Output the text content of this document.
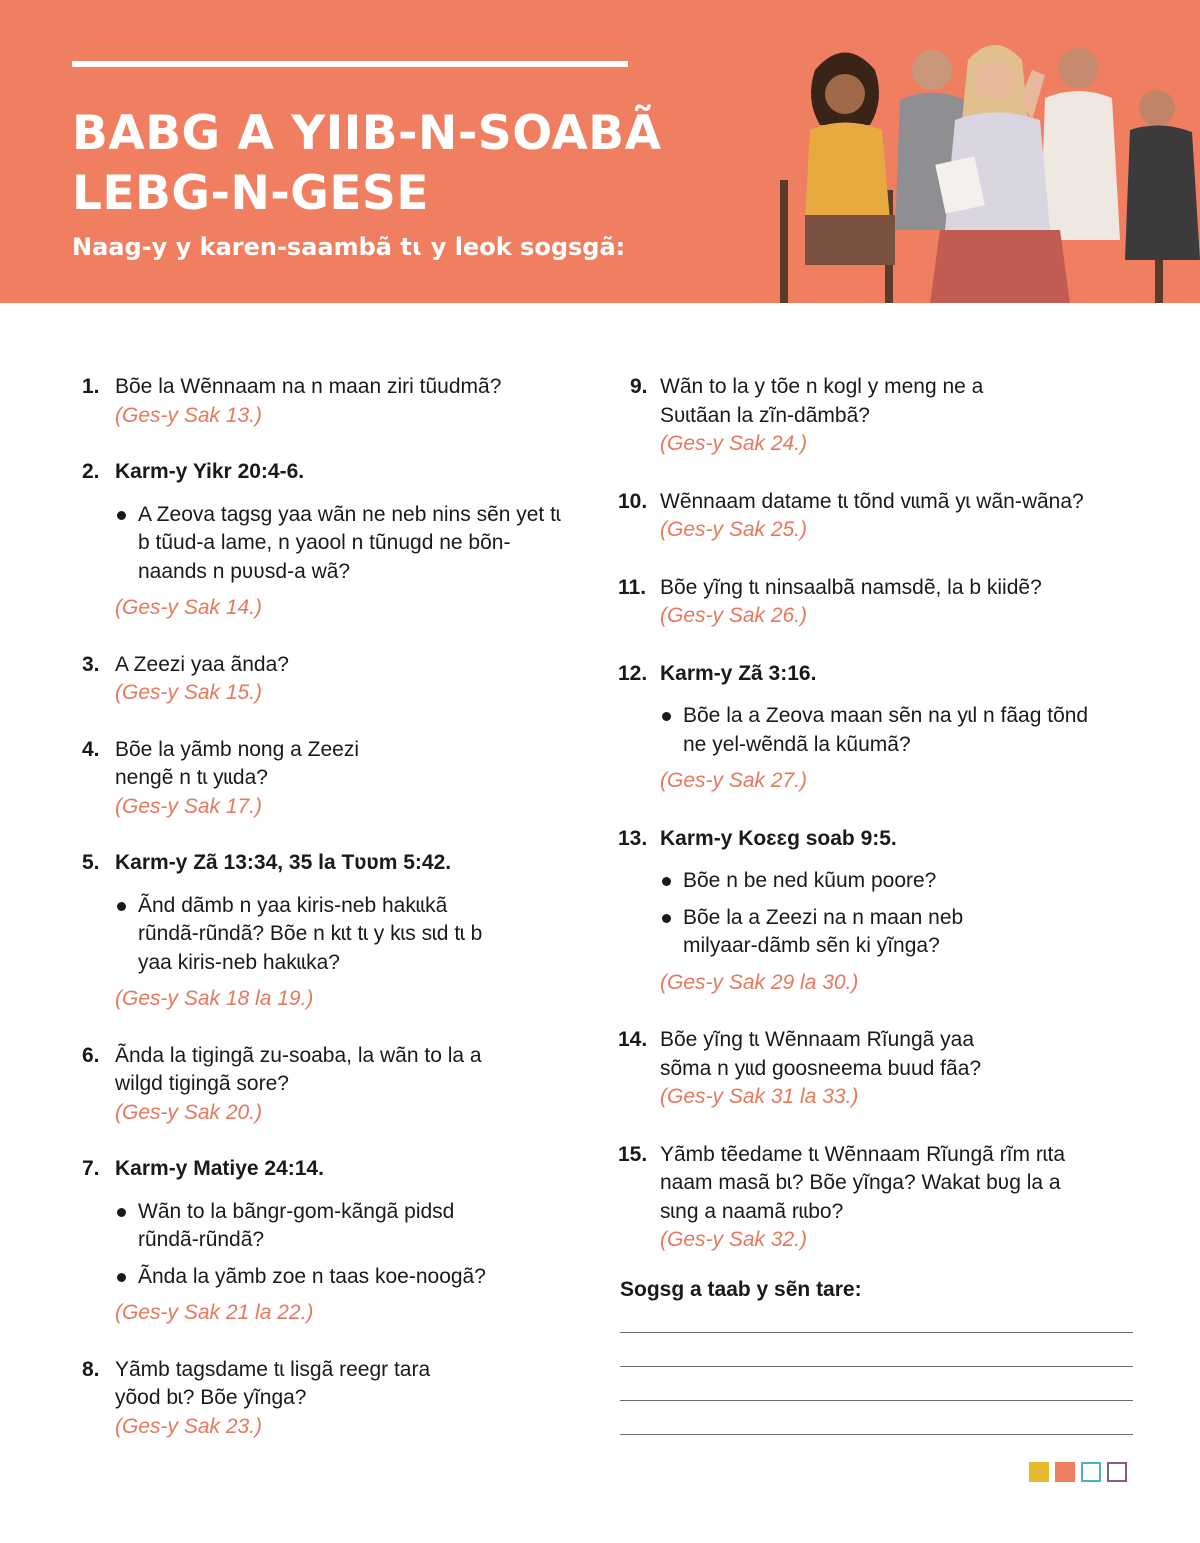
BABG A YIIB-N-SOABÃ
LEBG-N-GESE
Naag-y y karen-saambã tɩ y leok sogsgã:
1. Bõe la Wẽnnaam na n maan ziri tũudmã?
(Ges-y Sak 13.)
2. Karm-y Yikr 20:4-6.
A Zeova tagsg yaa wãn ne neb nins sẽn yet tɩ b tũud-a lame, n yaool n tũnugd ne bõn-naands n pʋʋsd-a wã?
(Ges-y Sak 14.)
3. A Zeezi yaa ãnda?
(Ges-y Sak 15.)
4. Bõe la yãmb nong a Zeezi nengẽ n tɩ yɩɩda?
(Ges-y Sak 17.)
5. Karm-y Zã 13:34, 35 la Tʋʋm 5:42.
Ãnd dãmb n yaa kiris-neb hakɩɩkã rũndã-rũndã? Bõe n kɩt tɩ y kɩs sɩd tɩ b yaa kiris-neb hakɩɩka?
(Ges-y Sak 18 la 19.)
6. Ãnda la tigingã zu-soaba, la wãn to la a wilgd tigingã sore?
(Ges-y Sak 20.)
7. Karm-y Matiye 24:14.
Wãn to la bãngr-gom-kãngã pidsd rũndã-rũndã?
Ãnda la yãmb zoe n taas koe-noogã?
(Ges-y Sak 21 la 22.)
8. Yãmb tagsdame tɩ lisgã reegr tara yõod bɩ? Bõe yĩnga?
(Ges-y Sak 23.)
9. Wãn to la y tõe n kogl y meng ne a Sʋɩtãan la zĩn-dãmbã?
(Ges-y Sak 24.)
10. Wẽnnaam datame tɩ tõnd vɩɩmã yɩ wãn-wãna?
(Ges-y Sak 25.)
11. Bõe yĩng tɩ ninsaalbã namsdẽ, la b kiidẽ?
(Ges-y Sak 26.)
12. Karm-y Zã 3:16.
Bõe la a Zeova maan sẽn na yɩl n fãag tõnd ne yel-wẽndã la kũumã?
(Ges-y Sak 27.)
13. Karm-y Koɛɛg soab 9:5.
Bõe n be ned kũum poore?
Bõe la a Zeezi na n maan neb milyaar-dãmb sẽn ki yĩnga?
(Ges-y Sak 29 la 30.)
14. Bõe yĩng tɩ Wẽnnaam Rĩungã yaa sõma n yɩɩd goosneema buud fãa?
(Ges-y Sak 31 la 33.)
15. Yãmb tẽedame tɩ Wẽnnaam Rĩungã rĩm rɩta naam masã bɩ? Bõe yĩnga? Wakat bʋg la a sɩng a naamã rɩɩbo?
(Ges-y Sak 32.)
Sogsg a taab y sẽn tare:
